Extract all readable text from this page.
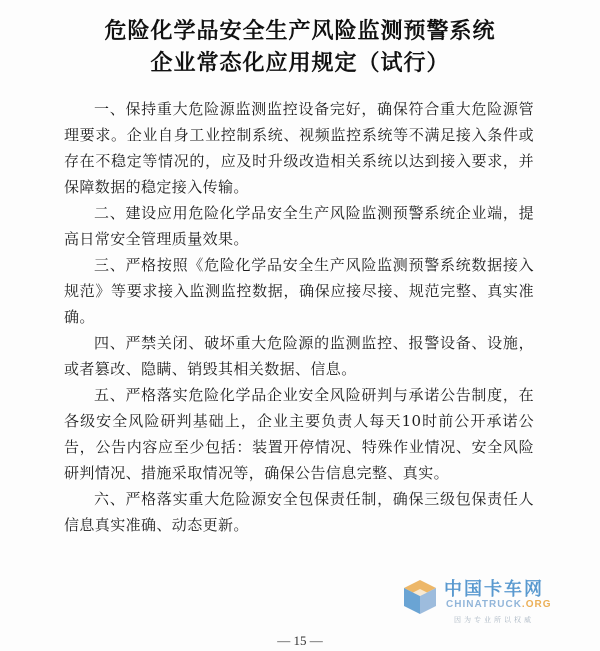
危险化学品安全生产风险监测预警系统
企业常态化应用规定（试行）

一、保持重大危险源监测监控设备完好，确保符合重大危险源管理要求。企业自身工业控制系统、视频监控系统等不满足接入条件或存在不稳定等情况的，应及时升级改造相关系统以达到接入要求，并保障数据的稳定接入传输。

二、建设应用危险化学品安全生产风险监测预警系统企业端，提高日常安全管理质量效果。

三、严格按照《危险化学品安全生产风险监测预警系统数据接入规范》等要求接入监测监控数据，确保应接尽接、规范完整、真实准确。

四、严禁关闭、破坏重大危险源的监测监控、报警设备、设施，或者篡改、隐瞒、销毁其相关数据、信息。

五、严格落实危险化学品企业安全风险研判与承诺公告制度，在各级安全风险研判基础上，企业主要负责人每天10时前公开承诺公告，公告内容应至少包括：装置开停情况、特殊作业情况、安全风险研判情况、措施采取情况等，确保公告信息完整、真实。

六、严格落实重大危险源安全包保责任制，确保三级包保责任人信息真实准确、动态更新。

中国卡车网
CHINATRUCK.ORG
因为专业所以权威
— 15 —
